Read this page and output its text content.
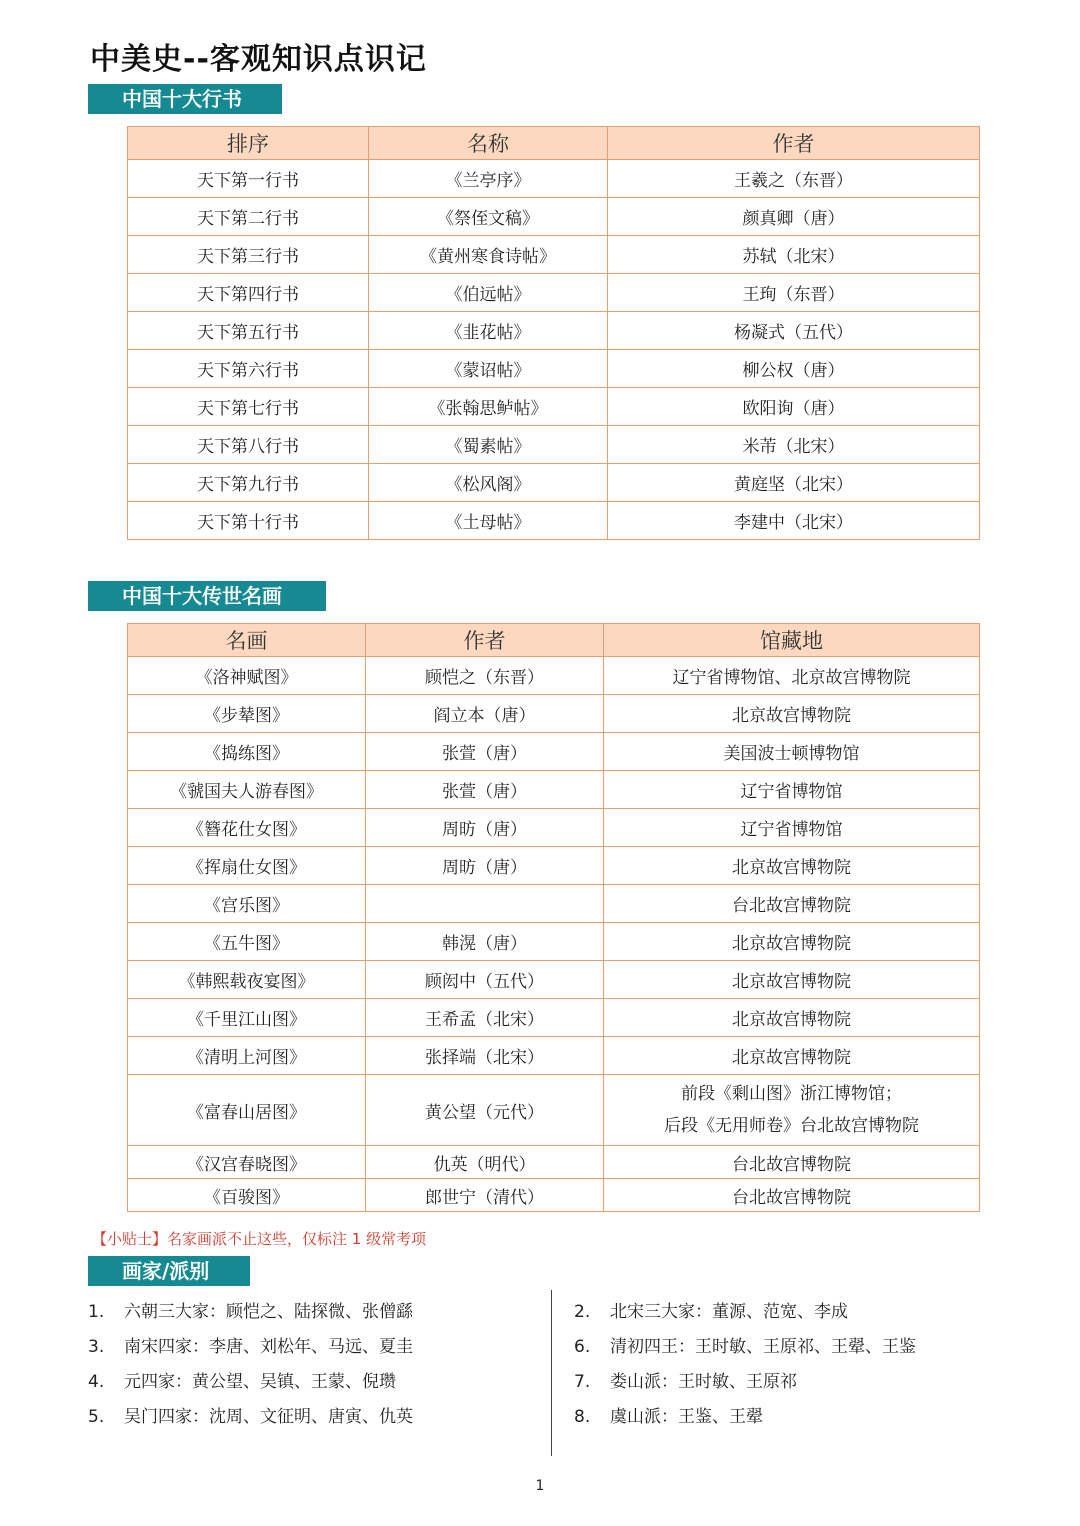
中美史--客观知识点识记
中国十大行书
排序	名称	作者
天下第一行书	《兰亭序》	王羲之（东晋）
天下第二行书	《祭侄文稿》	颜真卿（唐）
天下第三行书	《黄州寒食诗帖》	苏轼（北宋）
天下第四行书	《伯远帖》	王珣（东晋）
天下第五行书	《韭花帖》	杨凝式（五代）
天下第六行书	《蒙诏帖》	柳公权（唐）
天下第七行书	《张翰思鲈帖》	欧阳询（唐）
天下第八行书	《蜀素帖》	米芾（北宋）
天下第九行书	《松风阁》	黄庭坚（北宋）
天下第十行书	《土母帖》	李建中（北宋）
中国十大传世名画
名画	作者	馆藏地
《洛神赋图》	顾恺之（东晋）	辽宁省博物馆、北京故宫博物院
《步辇图》	阎立本（唐）	北京故宫博物院
《捣练图》	张萱（唐）	美国波士顿博物馆
《虢国夫人游春图》	张萱（唐）	辽宁省博物馆
《簪花仕女图》	周昉（唐）	辽宁省博物馆
《挥扇仕女图》	周昉（唐）	北京故宫博物院
《宫乐图》		台北故宫博物院
《五牛图》	韩滉（唐）	北京故宫博物院
《韩熙载夜宴图》	顾闳中（五代）	北京故宫博物院
《千里江山图》	王希孟（北宋）	北京故宫博物院
《清明上河图》	张择端（北宋）	北京故宫博物院
《富春山居图》	黄公望（元代）	前段《剩山图》浙江博物馆；
后段《无用师卷》台北故宫博物院

《汉宫春晓图》	仇英（明代）	台北故宫博物院
《百骏图》	郎世宁（清代）	台北故宫博物院
【小贴士】名家画派不止这些，仅标注 1 级常考项
画家/派别
1. 六朝三大家：顾恺之、陆探微、张僧繇
3. 南宋四家：李唐、刘松年、马远、夏圭
4. 元四家：黄公望、吴镇、王蒙、倪瓒
5. 吴门四家：沈周、文征明、唐寅、仇英
2. 北宋三大家：董源、范宽、李成
6. 清初四王：王时敏、王原祁、王翚、王鉴
7. 娄山派：王时敏、王原祁
8. 虞山派：王鉴、王翚
1
